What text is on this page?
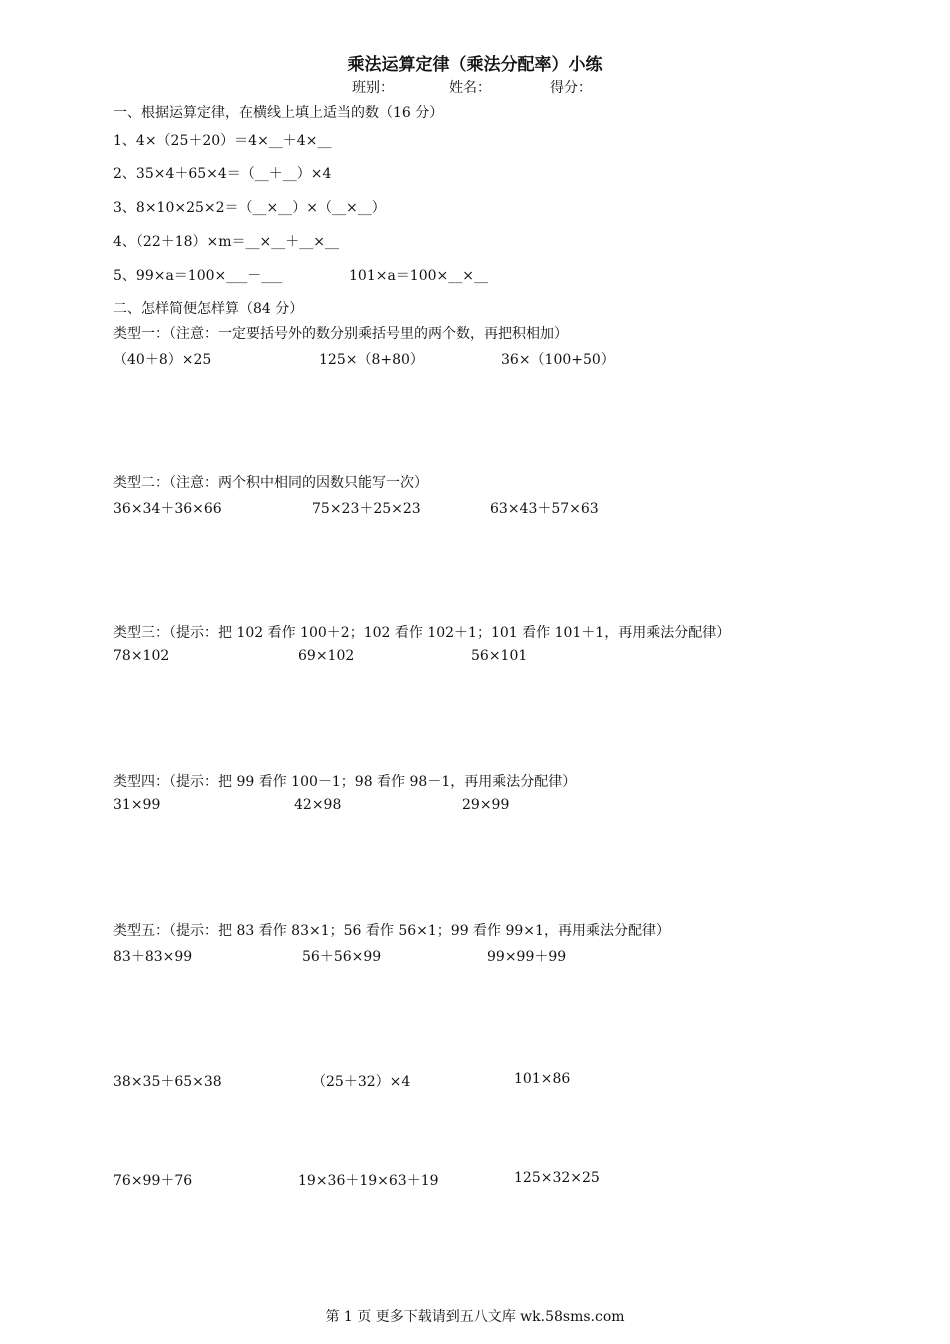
乘法运算定律（乘法分配率）小练
班别：	姓名：	得分：
一、根据运算定律，在横线上填上适当的数（16 分）
1、4×（25＋20）＝4×__＋4×__
2、35×4＋65×4＝（__＋__）×4
3、8×10×25×2＝（__×__）×（__×__）
4、（22＋18）×m＝__×__＋__×__
5、99×a＝100×___－___	101×a＝100×__×__
二、怎样简便怎样算（84 分）
类型一：（注意：一定要括号外的数分别乘括号里的两个数，再把积相加）
（40＋8）×25	125×（8+80）	36×（100+50）
类型二：（注意：两个积中相同的因数只能写一次）
36×34＋36×66	75×23＋25×23	63×43＋57×63
类型三：（提示：把 102 看作 100＋2；102 看作 102＋1；101 看作 101＋1，再用乘法分配律）
78×102	69×102	56×101
类型四：（提示：把 99 看作 100－1；98 看作 98－1，再用乘法分配律）
31×99	42×98	29×99
类型五：（提示：把 83 看作 83×1；56 看作 56×1；99 看作 99×1，再用乘法分配律）
83＋83×99	56＋56×99	99×99＋99
38×35＋65×38	（25＋32）×4	101×86
76×99＋76	19×36＋19×63＋19	125×32×25
第 1 页 更多下载请到五八文库 wk.58sms.com
